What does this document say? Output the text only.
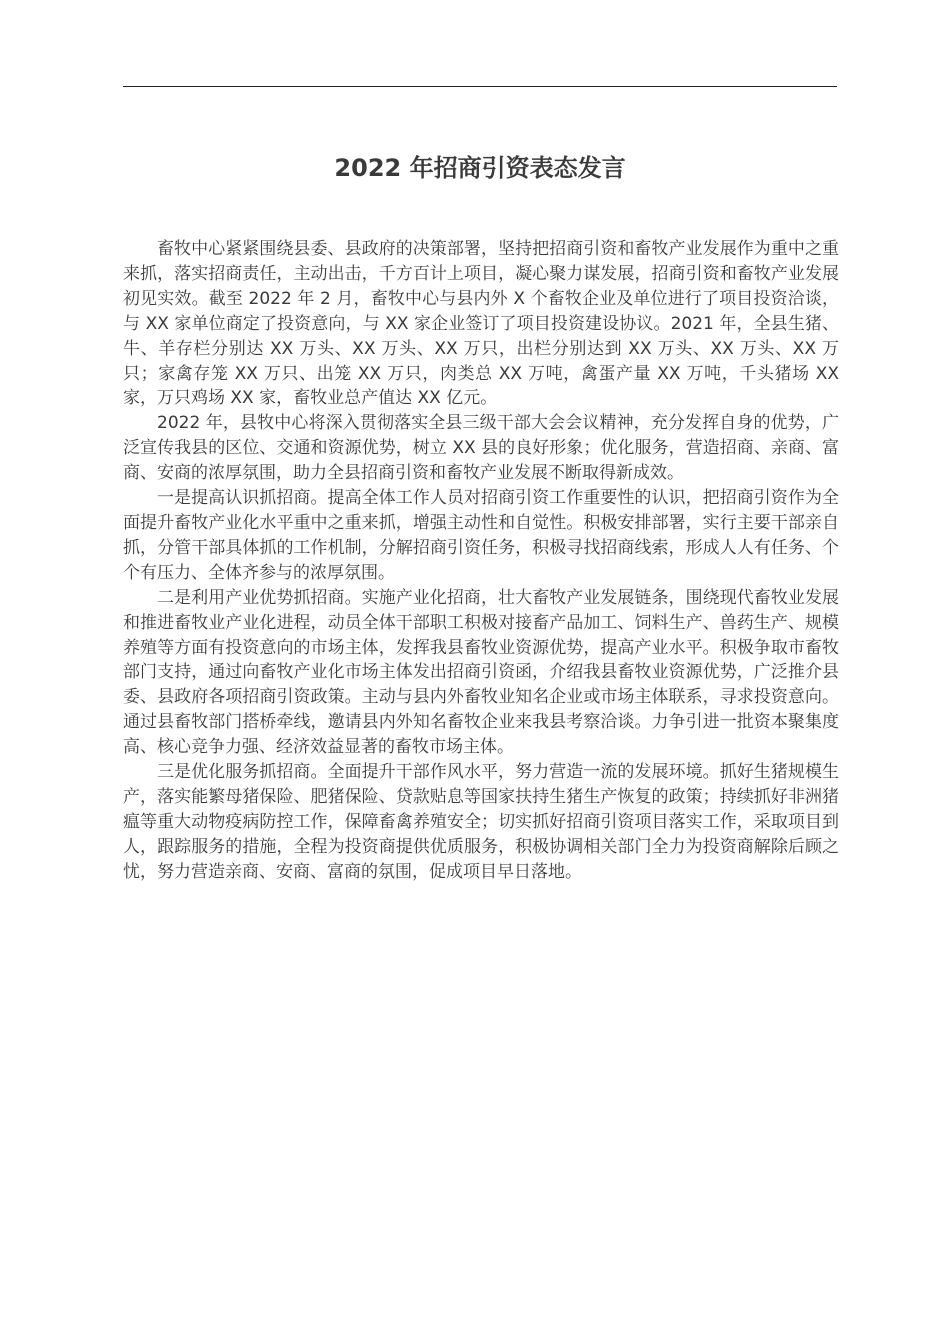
2022 年招商引资表态发言

畜牧中心紧紧围绕县委、县政府的决策部署，坚持把招商引资和畜牧产业发展作为重中之重来抓，落实招商责任，主动出击，千方百计上项目，凝心聚力谋发展，招商引资和畜牧产业发展初见实效。截至 2022 年 2 月，畜牧中心与县内外 X 个畜牧企业及单位进行了项目投资洽谈，与 XX 家单位商定了投资意向，与 XX 家企业签订了项目投资建设协议。2021 年，全县生猪、牛、羊存栏分别达 XX 万头、XX 万头、XX 万只，出栏分别达到 XX 万头、XX 万头、XX 万只；家禽存笼 XX 万只、出笼 XX 万只，肉类总 XX 万吨，禽蛋产量 XX 万吨，千头猪场 XX 家，万只鸡场 XX 家，畜牧业总产值达 XX 亿元。

2022 年，县牧中心将深入贯彻落实全县三级干部大会会议精神，充分发挥自身的优势，广泛宣传我县的区位、交通和资源优势，树立 XX 县的良好形象；优化服务，营造招商、亲商、富商、安商的浓厚氛围，助力全县招商引资和畜牧产业发展不断取得新成效。

一是提高认识抓招商。提高全体工作人员对招商引资工作重要性的认识，把招商引资作为全面提升畜牧产业化水平重中之重来抓，增强主动性和自觉性。积极安排部署，实行主要干部亲自抓，分管干部具体抓的工作机制，分解招商引资任务，积极寻找招商线索，形成人人有任务、个个有压力、全体齐参与的浓厚氛围。

二是利用产业优势抓招商。实施产业化招商，壮大畜牧产业发展链条，围绕现代畜牧业发展和推进畜牧业产业化进程，动员全体干部职工积极对接畜产品加工、饲料生产、兽药生产、规模养殖等方面有投资意向的市场主体，发挥我县畜牧业资源优势，提高产业水平。积极争取市畜牧部门支持，通过向畜牧产业化市场主体发出招商引资函，介绍我县畜牧业资源优势，广泛推介县委、县政府各项招商引资政策。主动与县内外畜牧业知名企业或市场主体联系，寻求投资意向。通过县畜牧部门搭桥牵线，邀请县内外知名畜牧企业来我县考察洽谈。力争引进一批资本聚集度高、核心竞争力强、经济效益显著的畜牧市场主体。

三是优化服务抓招商。全面提升干部作风水平，努力营造一流的发展环境。抓好生猪规模生产，落实能繁母猪保险、肥猪保险、贷款贴息等国家扶持生猪生产恢复的政策；持续抓好非洲猪瘟等重大动物疫病防控工作，保障畜禽养殖安全；切实抓好招商引资项目落实工作，采取项目到人，跟踪服务的措施，全程为投资商提供优质服务，积极协调相关部门全力为投资商解除后顾之忧，努力营造亲商、安商、富商的氛围，促成项目早日落地。
